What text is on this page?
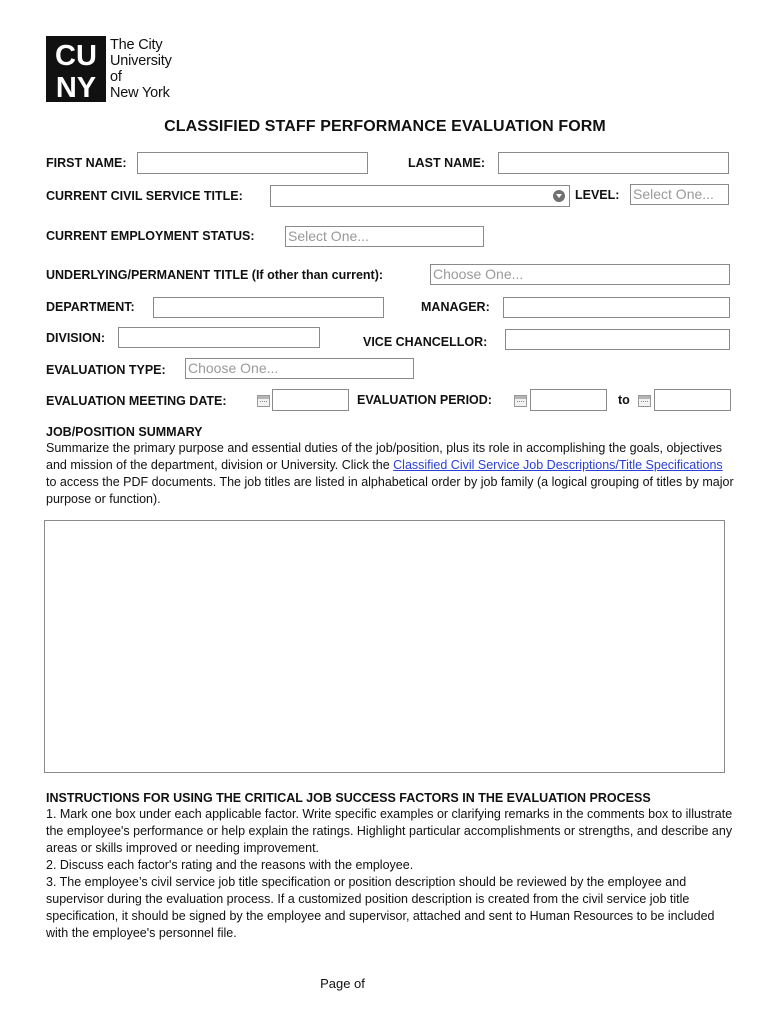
CU
NY
The City
University
of
New York
CLASSIFIED STAFF PERFORMANCE EVALUATION FORM
FIRST NAME:	LAST NAME:
CURRENT CIVIL SERVICE TITLE:	LEVEL: Select One...
CURRENT EMPLOYMENT STATUS: Select One...
UNDERLYING/PERMANENT TITLE (If other than current):	Choose One...
DEPARTMENT:	MANAGER:
DIVISION:	VICE CHANCELLOR:
EVALUATION TYPE: Choose One...
EVALUATION MEETING DATE:	EVALUATION PERIOD:	to
JOB/POSITION SUMMARY
Summarize the primary purpose and essential duties of the job/position, plus its role in accomplishing the goals, objectives and mission of the department, division or University. Click the Classified Civil Service Job Descriptions/Title Specifications to access the PDF documents. The job titles are listed in alphabetical order by job family (a logical grouping of titles by major purpose or function).
INSTRUCTIONS FOR USING THE CRITICAL JOB SUCCESS FACTORS IN THE EVALUATION PROCESS
1. Mark one box under each applicable factor. Write specific examples or clarifying remarks in the comments box to illustrate the employee's performance or help explain the ratings. Highlight particular accomplishments or strengths, and describe any areas or skills improved or needing improvement.
2. Discuss each factor's rating and the reasons with the employee.
3. The employee’s civil service job title specification or position description should be reviewed by the employee and supervisor during the evaluation process. If a customized position description is created from the civil service job title specification, it should be signed by the employee and supervisor, attached and sent to Human Resources to be included with the employee's personnel file.
Page of
